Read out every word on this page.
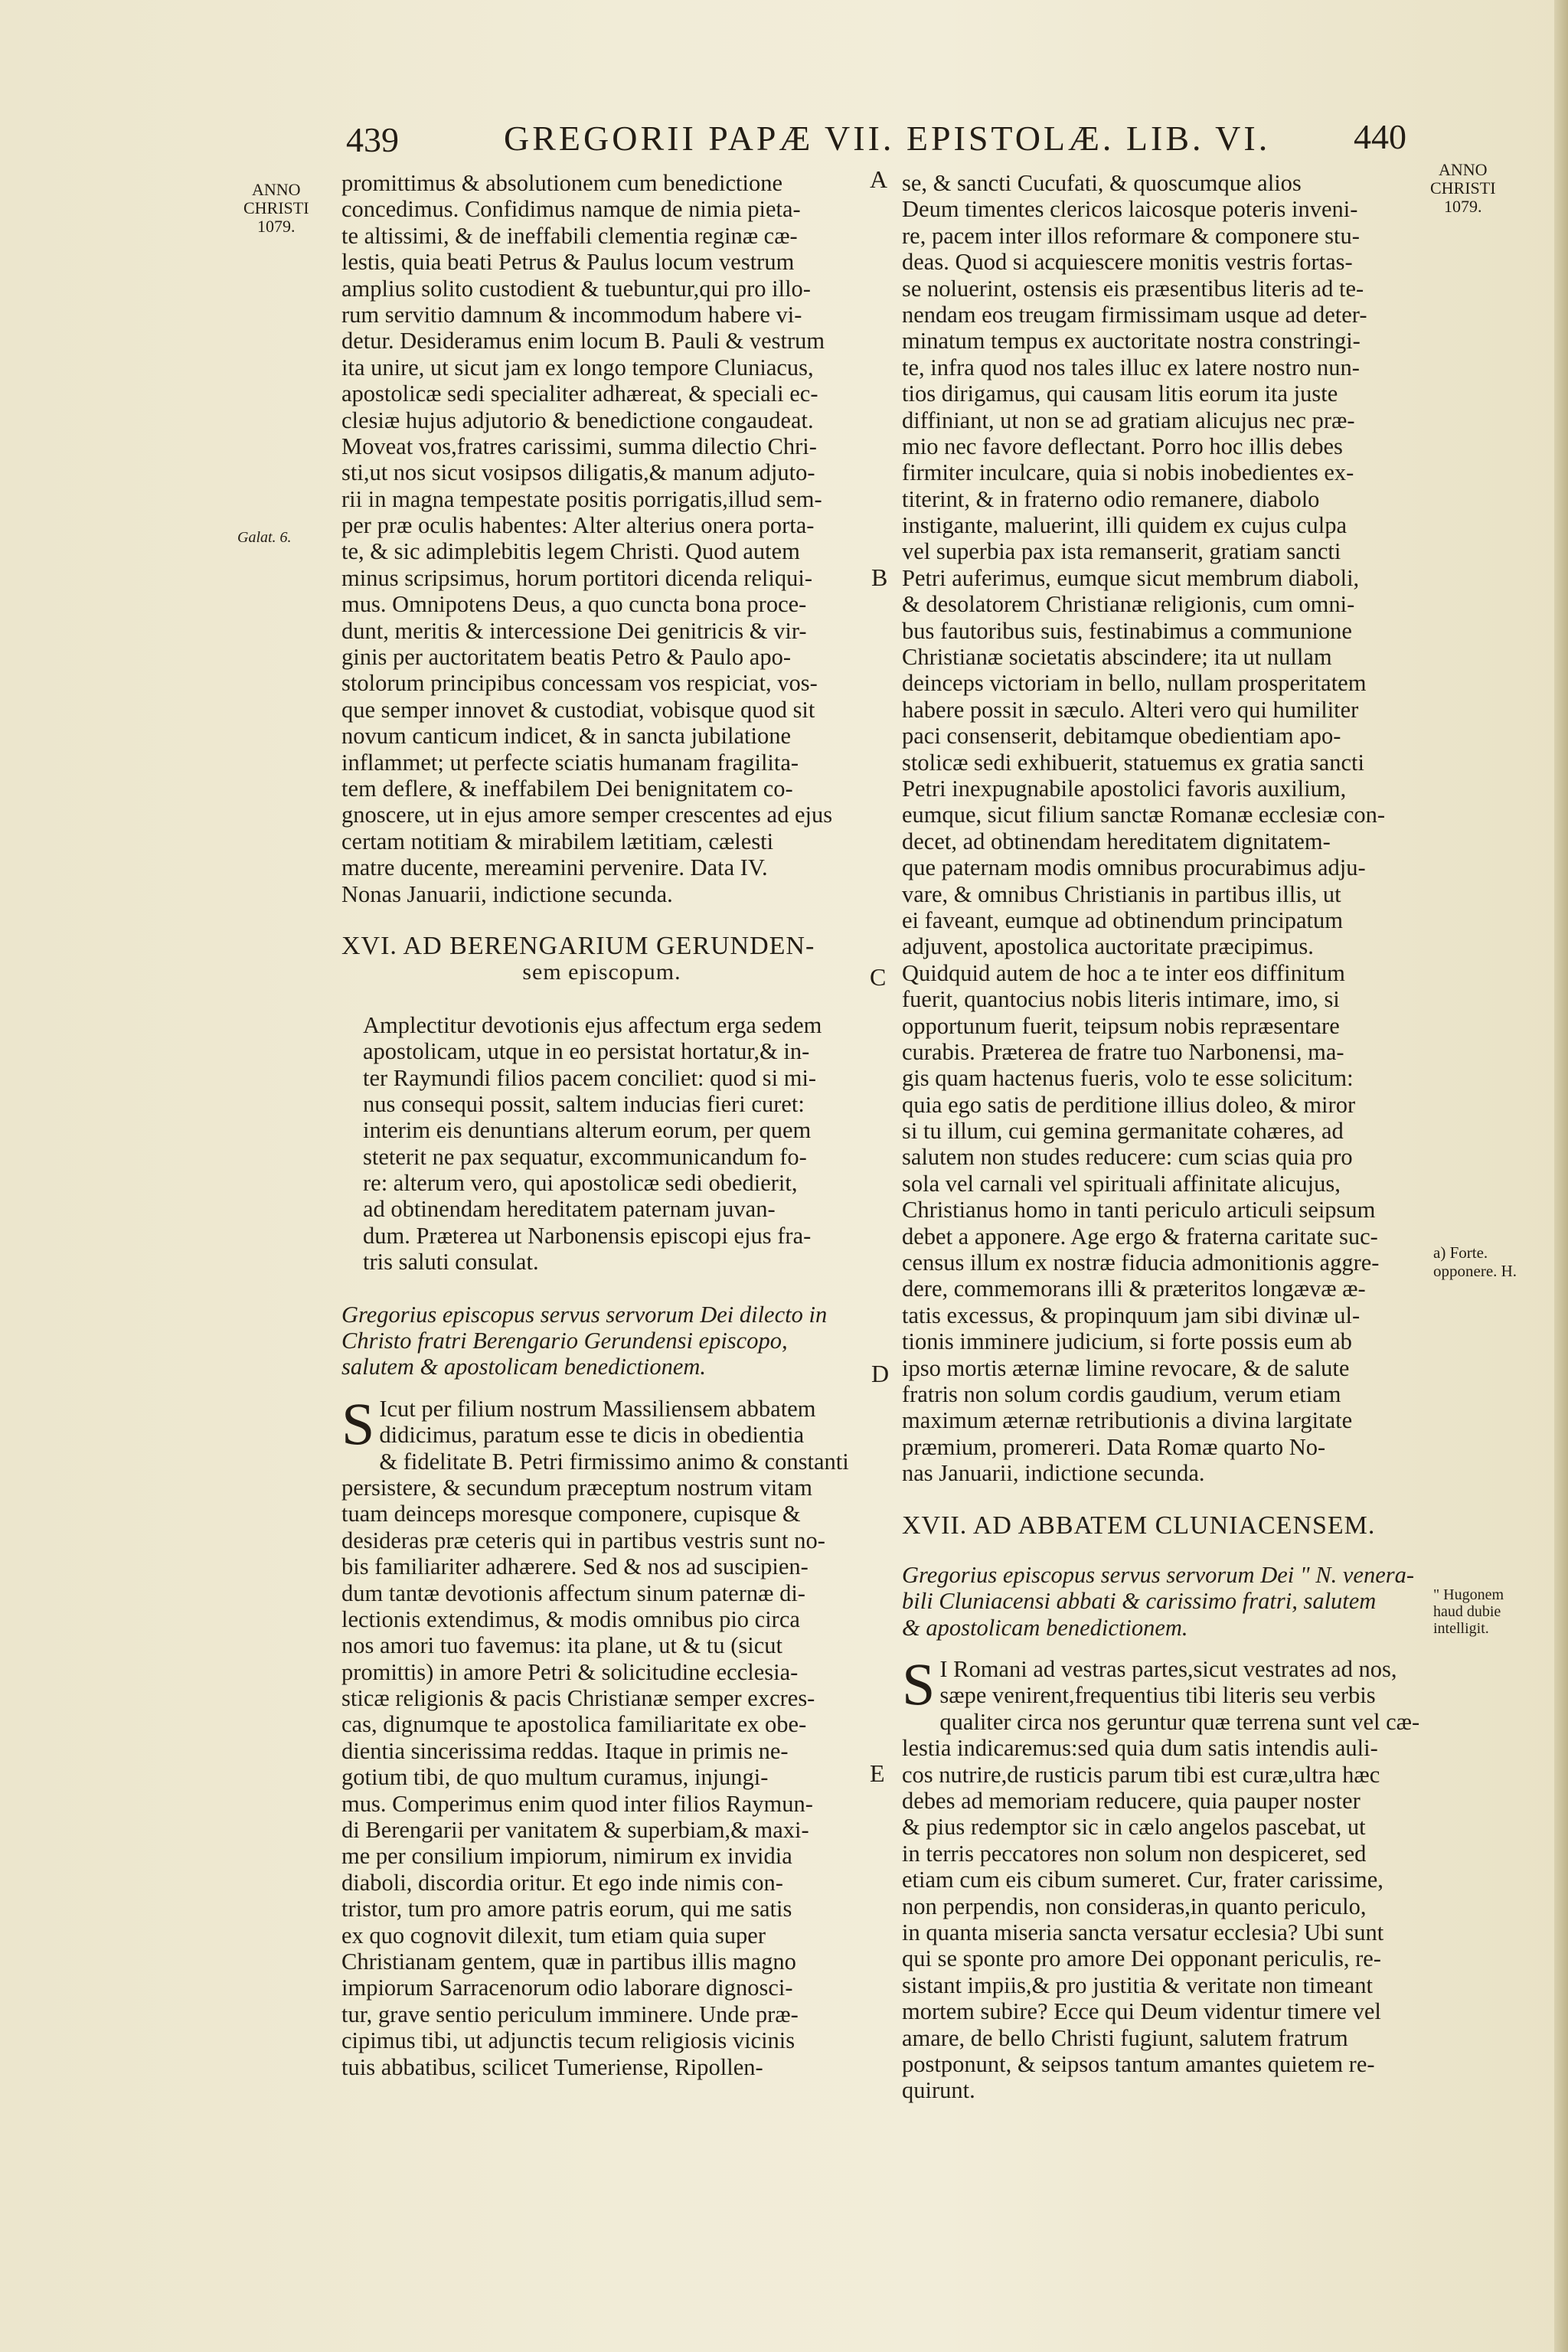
439	GREGORII PAPÆ VII. EPISTOLÆ. LIB. VI. 440
ANNO
CHRISTI
1079.
ANNO
CHRISTI
1079.
Galat. 6.
a) Forte.
opponere. H.
" Hugonem
haud dubie
intelligit.
A
B
C
D
E
promittimus & absolutionem cum benedictione
concedimus. Confidimus namque de nimia pieta-
te altissimi, & de ineffabili clementia reginæ cæ-
lestis, quia beati Petrus & Paulus locum vestrum
amplius solito custodient & tuebuntur,qui pro illo-
rum servitio damnum & incommodum habere vi-
detur. Desideramus enim locum B. Pauli & vestrum
ita unire, ut sicut jam ex longo tempore Cluniacus,
apostolicæ sedi specialiter adhæreat, & speciali ec-
clesiæ hujus adjutorio & benedictione congaudeat.
Moveat vos,fratres carissimi, summa dilectio Chri-
sti,ut nos sicut vosipsos diligatis,& manum adjuto-
rii in magna tempestate positis porrigatis,illud sem-
per præ oculis habentes: Alter alterius onera porta-
te, & sic adimplebitis legem Christi. Quod autem
minus scripsimus, horum portitori dicenda reliqui-
mus. Omnipotens Deus, a quo cuncta bona proce-
dunt, meritis & intercessione Dei genitricis & vir-
ginis per auctoritatem beatis Petro & Paulo apo-
stolorum principibus concessam vos respiciat, vos-
que semper innovet & custodiat, vobisque quod sit
novum canticum indicet, & in sancta jubilatione
inflammet; ut perfecte sciatis humanam fragilita-
tem deflere, & ineffabilem Dei benignitatem co-
gnoscere, ut in ejus amore semper crescentes ad ejus
certam notitiam & mirabilem lætitiam, cælesti
matre ducente, mereamini pervenire. Data IV.
Nonas Januarii, indictione secunda.
XVI. AD BERENGARIUM GERUNDEN-
sem episcopum.
Amplectitur devotionis ejus affectum erga sedem
apostolicam, utque in eo persistat hortatur,& in-
ter Raymundi filios pacem conciliet: quod si mi-
nus consequi possit, saltem inducias fieri curet:
interim eis denuntians alterum eorum, per quem
steterit ne pax sequatur, excommunicandum fo-
re: alterum vero, qui apostolicæ sedi obedierit,
ad obtinendam hereditatem paternam juvan-
dum. Præterea ut Narbonensis episcopi ejus fra-
tris saluti consulat.
Gregorius episcopus servus servorum Dei dilecto in
Christo fratri Berengario Gerundensi episcopo,
salutem & apostolicam benedictionem.
S Icut per filium nostrum Massiliensem abbatem
didicimus, paratum esse te dicis in obedientia
& fidelitate B. Petri firmissimo animo & constanti
persistere, & secundum præceptum nostrum vitam
tuam deinceps moresque componere, cupisque &
desideras præ ceteris qui in partibus vestris sunt no-
bis familiariter adhærere. Sed & nos ad suscipien-
dum tantæ devotionis affectum sinum paternæ di-
lectionis extendimus, & modis omnibus pio circa
nos amori tuo favemus: ita plane, ut & tu (sicut
promittis) in amore Petri & solicitudine ecclesia-
sticæ religionis & pacis Christianæ semper excres-
cas, dignumque te apostolica familiaritate ex obe-
dientia sincerissima reddas. Itaque in primis ne-
gotium tibi, de quo multum curamus, injungi-
mus. Comperimus enim quod inter filios Raymun-
di Berengarii per vanitatem & superbiam,& maxi-
me per consilium impiorum, nimirum ex invidia
diaboli, discordia oritur. Et ego inde nimis con-
tristor, tum pro amore patris eorum, qui me satis
ex quo cognovit dilexit, tum etiam quia super
Christianam gentem, quæ in partibus illis magno
impiorum Sarracenorum odio laborare dignosci-
tur, grave sentio periculum imminere. Unde præ-
cipimus tibi, ut adjunctis tecum religiosis vicinis
tuis abbatibus, scilicet Tumeriense, Ripollen-
se, & sancti Cucufati, & quoscumque alios
Deum timentes clericos laicosque poteris inveni-
re, pacem inter illos reformare & componere stu-
deas. Quod si acquiescere monitis vestris fortas-
se noluerint, ostensis eis præsentibus literis ad te-
nendam eos treugam firmissimam usque ad deter-
minatum tempus ex auctoritate nostra constringi-
te, infra quod nos tales illuc ex latere nostro nun-
tios dirigamus, qui causam litis eorum ita juste
diffiniant, ut non se ad gratiam alicujus nec præ-
mio nec favore deflectant. Porro hoc illis debes
firmiter inculcare, quia si nobis inobedientes ex-
titerint, & in fraterno odio remanere, diabolo
instigante, maluerint, illi quidem ex cujus culpa
vel superbia pax ista remanserit, gratiam sancti
Petri auferimus, eumque sicut membrum diaboli,
& desolatorem Christianæ religionis, cum omni-
bus fautoribus suis, festinabimus a communione
Christianæ societatis abscindere; ita ut nullam
deinceps victoriam in bello, nullam prosperitatem
habere possit in sæculo. Alteri vero qui humiliter
paci consenserit, debitamque obedientiam apo-
stolicæ sedi exhibuerit, statuemus ex gratia sancti
Petri inexpugnabile apostolici favoris auxilium,
eumque, sicut filium sanctæ Romanæ ecclesiæ con-
decet, ad obtinendam hereditatem dignitatem-
que paternam modis omnibus procurabimus adju-
vare, & omnibus Christianis in partibus illis, ut
ei faveant, eumque ad obtinendum principatum
adjuvent, apostolica auctoritate præcipimus.
Quidquid autem de hoc a te inter eos diffinitum
fuerit, quantocius nobis literis intimare, imo, si
opportunum fuerit, teipsum nobis repræsentare
curabis. Præterea de fratre tuo Narbonensi, ma-
gis quam hactenus fueris, volo te esse solicitum:
quia ego satis de perditione illius doleo, & miror
si tu illum, cui gemina germanitate cohæres, ad
salutem non studes reducere: cum scias quia pro
sola vel carnali vel spirituali affinitate alicujus,
Christianus homo in tanti periculo articuli seipsum
debet a apponere. Age ergo & fraterna caritate suc-
census illum ex nostræ fiducia admonitionis aggre-
dere, commemorans illi & præteritos longævæ æ-
tatis excessus, & propinquum jam sibi divinæ ul-
tionis imminere judicium, si forte possis eum ab
ipso mortis æternæ limine revocare, & de salute
fratris non solum cordis gaudium, verum etiam
maximum æternæ retributionis a divina largitate
præmium, promereri. Data Romæ quarto No-
nas Januarii, indictione secunda.
XVII. AD ABBATEM CLUNIACENSEM.
Gregorius episcopus servus servorum Dei " N. venera-
bili Cluniacensi abbati & carissimo fratri, salutem
& apostolicam benedictionem.
S I Romani ad vestras partes,sicut vestrates ad nos,
sæpe venirent,frequentius tibi literis seu verbis
qualiter circa nos geruntur quæ terrena sunt vel cæ-
lestia indicaremus:sed quia dum satis intendis auli-
cos nutrire,de rusticis parum tibi est curæ,ultra hæc
debes ad memoriam reducere, quia pauper noster
& pius redemptor sic in cælo angelos pascebat, ut
in terris peccatores non solum non despiceret, sed
etiam cum eis cibum sumeret. Cur, frater carissime,
non perpendis, non consideras,in quanto periculo,
in quanta miseria sancta versatur ecclesia? Ubi sunt
qui se sponte pro amore Dei opponant periculis, re-
sistant impiis,& pro justitia & veritate non timeant
mortem subire? Ecce qui Deum videntur timere vel
amare, de bello Christi fugiunt, salutem fratrum
postponunt, & seipsos tantum amantes quietem re-
quirunt.
